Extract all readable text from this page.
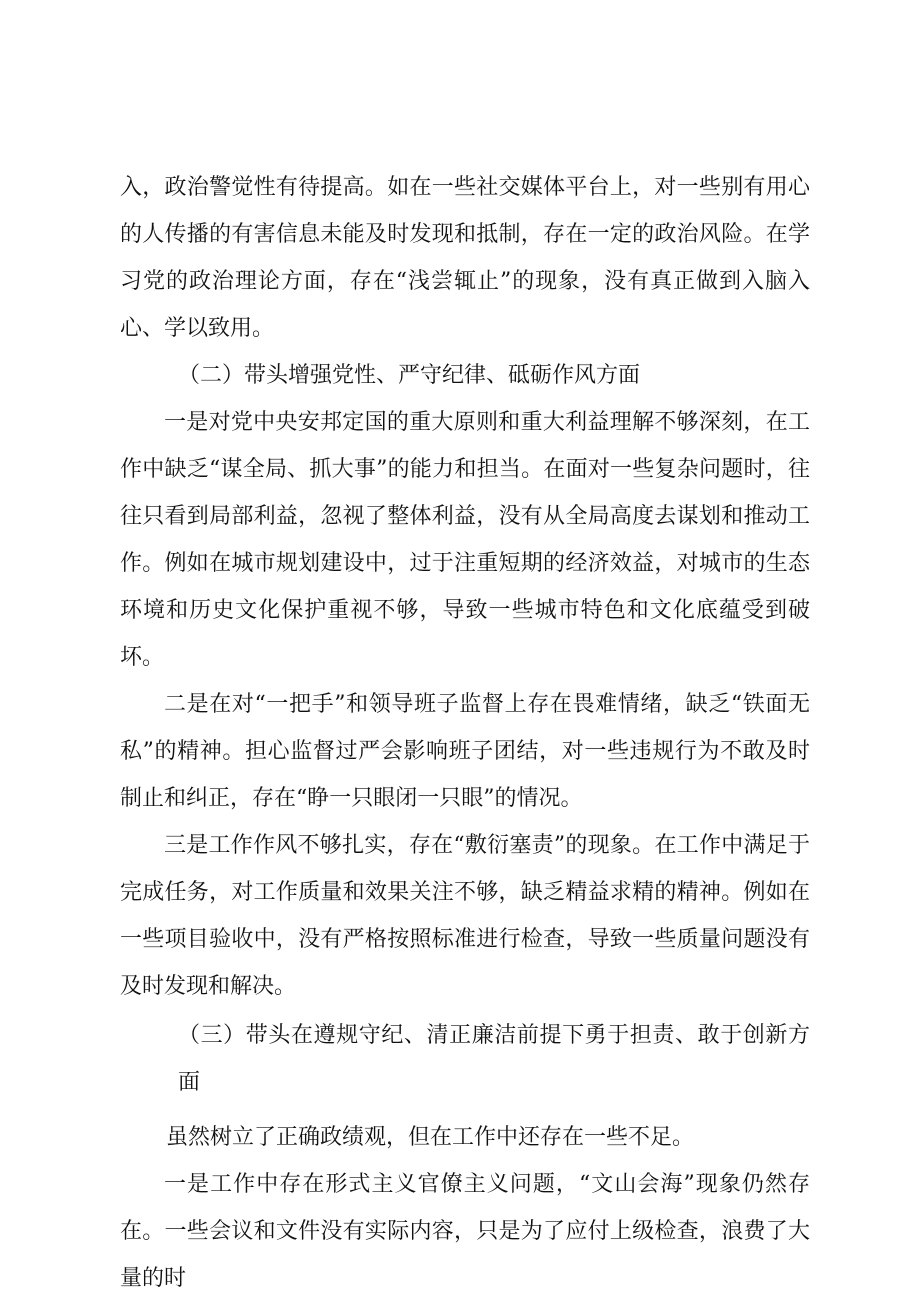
入，政治警觉性有待提高。如在一些社交媒体平台上，对一些别有用心的人传播的有害信息未能及时发现和抵制，存在一定的政治风险。在学习党的政治理论方面，存在“浅尝辄止”的现象，没有真正做到入脑入心、学以致用。

（二）带头增强党性、严守纪律、砥砺作风方面

一是对党中央安邦定国的重大原则和重大利益理解不够深刻，在工作中缺乏“谋全局、抓大事”的能力和担当。在面对一些复杂问题时，往往只看到局部利益，忽视了整体利益，没有从全局高度去谋划和推动工作。例如在城市规划建设中，过于注重短期的经济效益，对城市的生态环境和历史文化保护重视不够，导致一些城市特色和文化底蕴受到破坏。

二是在对“一把手”和领导班子监督上存在畏难情绪，缺乏“铁面无私”的精神。担心监督过严会影响班子团结，对一些违规行为不敢及时制止和纠正，存在“睁一只眼闭一只眼”的情况。

三是工作作风不够扎实，存在“敷衍塞责”的现象。在工作中满足于完成任务，对工作质量和效果关注不够，缺乏精益求精的精神。例如在一些项目验收中，没有严格按照标准进行检查，导致一些质量问题没有及时发现和解决。

（三）带头在遵规守纪、清正廉洁前提下勇于担责、敢于创新方面

虽然树立了正确政绩观，但在工作中还存在一些不足。

一是工作中存在形式主义官僚主义问题，“文山会海”现象仍然存在。一些会议和文件没有实际内容，只是为了应付上级检查，浪费了大量的时
